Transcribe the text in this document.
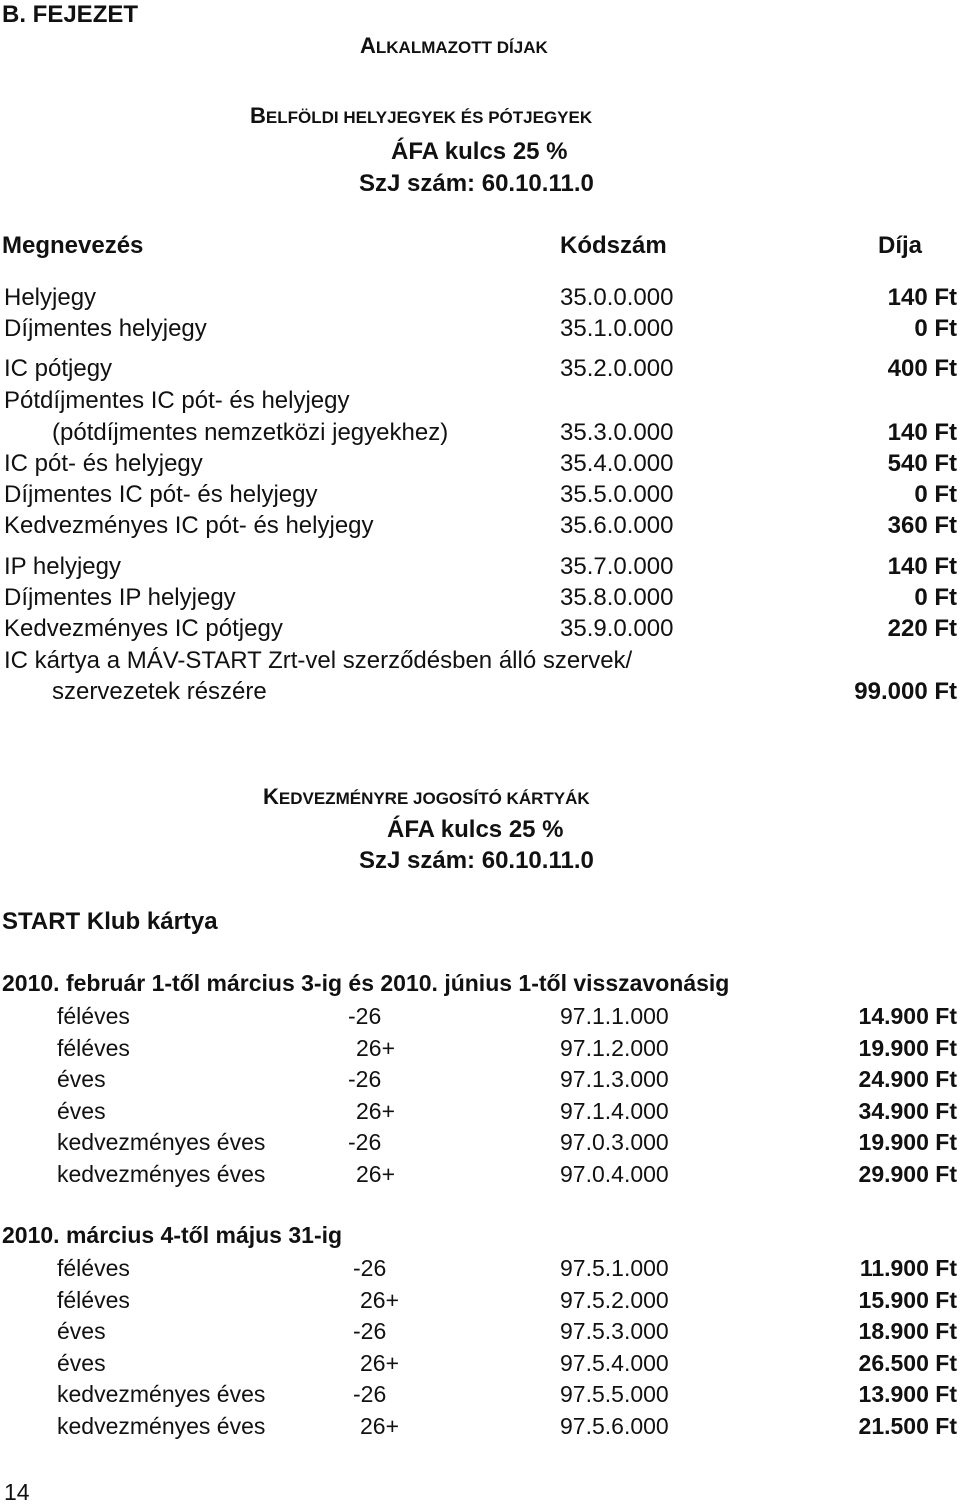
B. FEJEZET
ALKALMAZOTT DÍJAK
BELFÖLDI HELYJEGYEK ÉS PÓTJEGYEK
ÁFA kulcs 25 %
SzJ szám: 60.10.11.0
Megnevezés	Kódszám	Díja
Helyjegy	35.0.0.000	140 Ft
Díjmentes helyjegy	35.1.0.000	0 Ft
IC pótjegy	35.2.0.000	400 Ft
Pótdíjmentes IC pót- és helyjegy
(pótdíjmentes nemzetközi jegyekhez)	35.3.0.000	140 Ft
IC pót- és helyjegy	35.4.0.000	540 Ft
Díjmentes IC pót- és helyjegy	35.5.0.000	0 Ft
Kedvezményes IC pót- és helyjegy	35.6.0.000	360 Ft
IP helyjegy	35.7.0.000	140 Ft
Díjmentes IP helyjegy	35.8.0.000	0 Ft
Kedvezményes IC pótjegy	35.9.0.000	220 Ft
IC kártya a MÁV-START Zrt-vel szerződésben álló szervek/
szervezetek részére	99.000 Ft
KEDVEZMÉNYRE JOGOSÍTÓ KÁRTYÁK
ÁFA kulcs 25 %
SzJ szám: 60.10.11.0
START Klub kártya
2010. február 1-től március 3-ig és 2010. június 1-től visszavonásig
féléves	-26	97.1.1.000	14.900 Ft
féléves	26+	97.1.2.000	19.900 Ft
éves	-26	97.1.3.000	24.900 Ft
éves	26+	97.1.4.000	34.900 Ft
kedvezményes éves	-26	97.0.3.000	19.900 Ft
kedvezményes éves	26+	97.0.4.000	29.900 Ft
2010. március 4-től május 31-ig
féléves	-26	97.5.1.000	11.900 Ft
féléves	26+	97.5.2.000	15.900 Ft
éves	-26	97.5.3.000	18.900 Ft
éves	26+	97.5.4.000	26.500 Ft
kedvezményes éves	-26	97.5.5.000	13.900 Ft
kedvezményes éves	26+	97.5.6.000	21.500 Ft
14
